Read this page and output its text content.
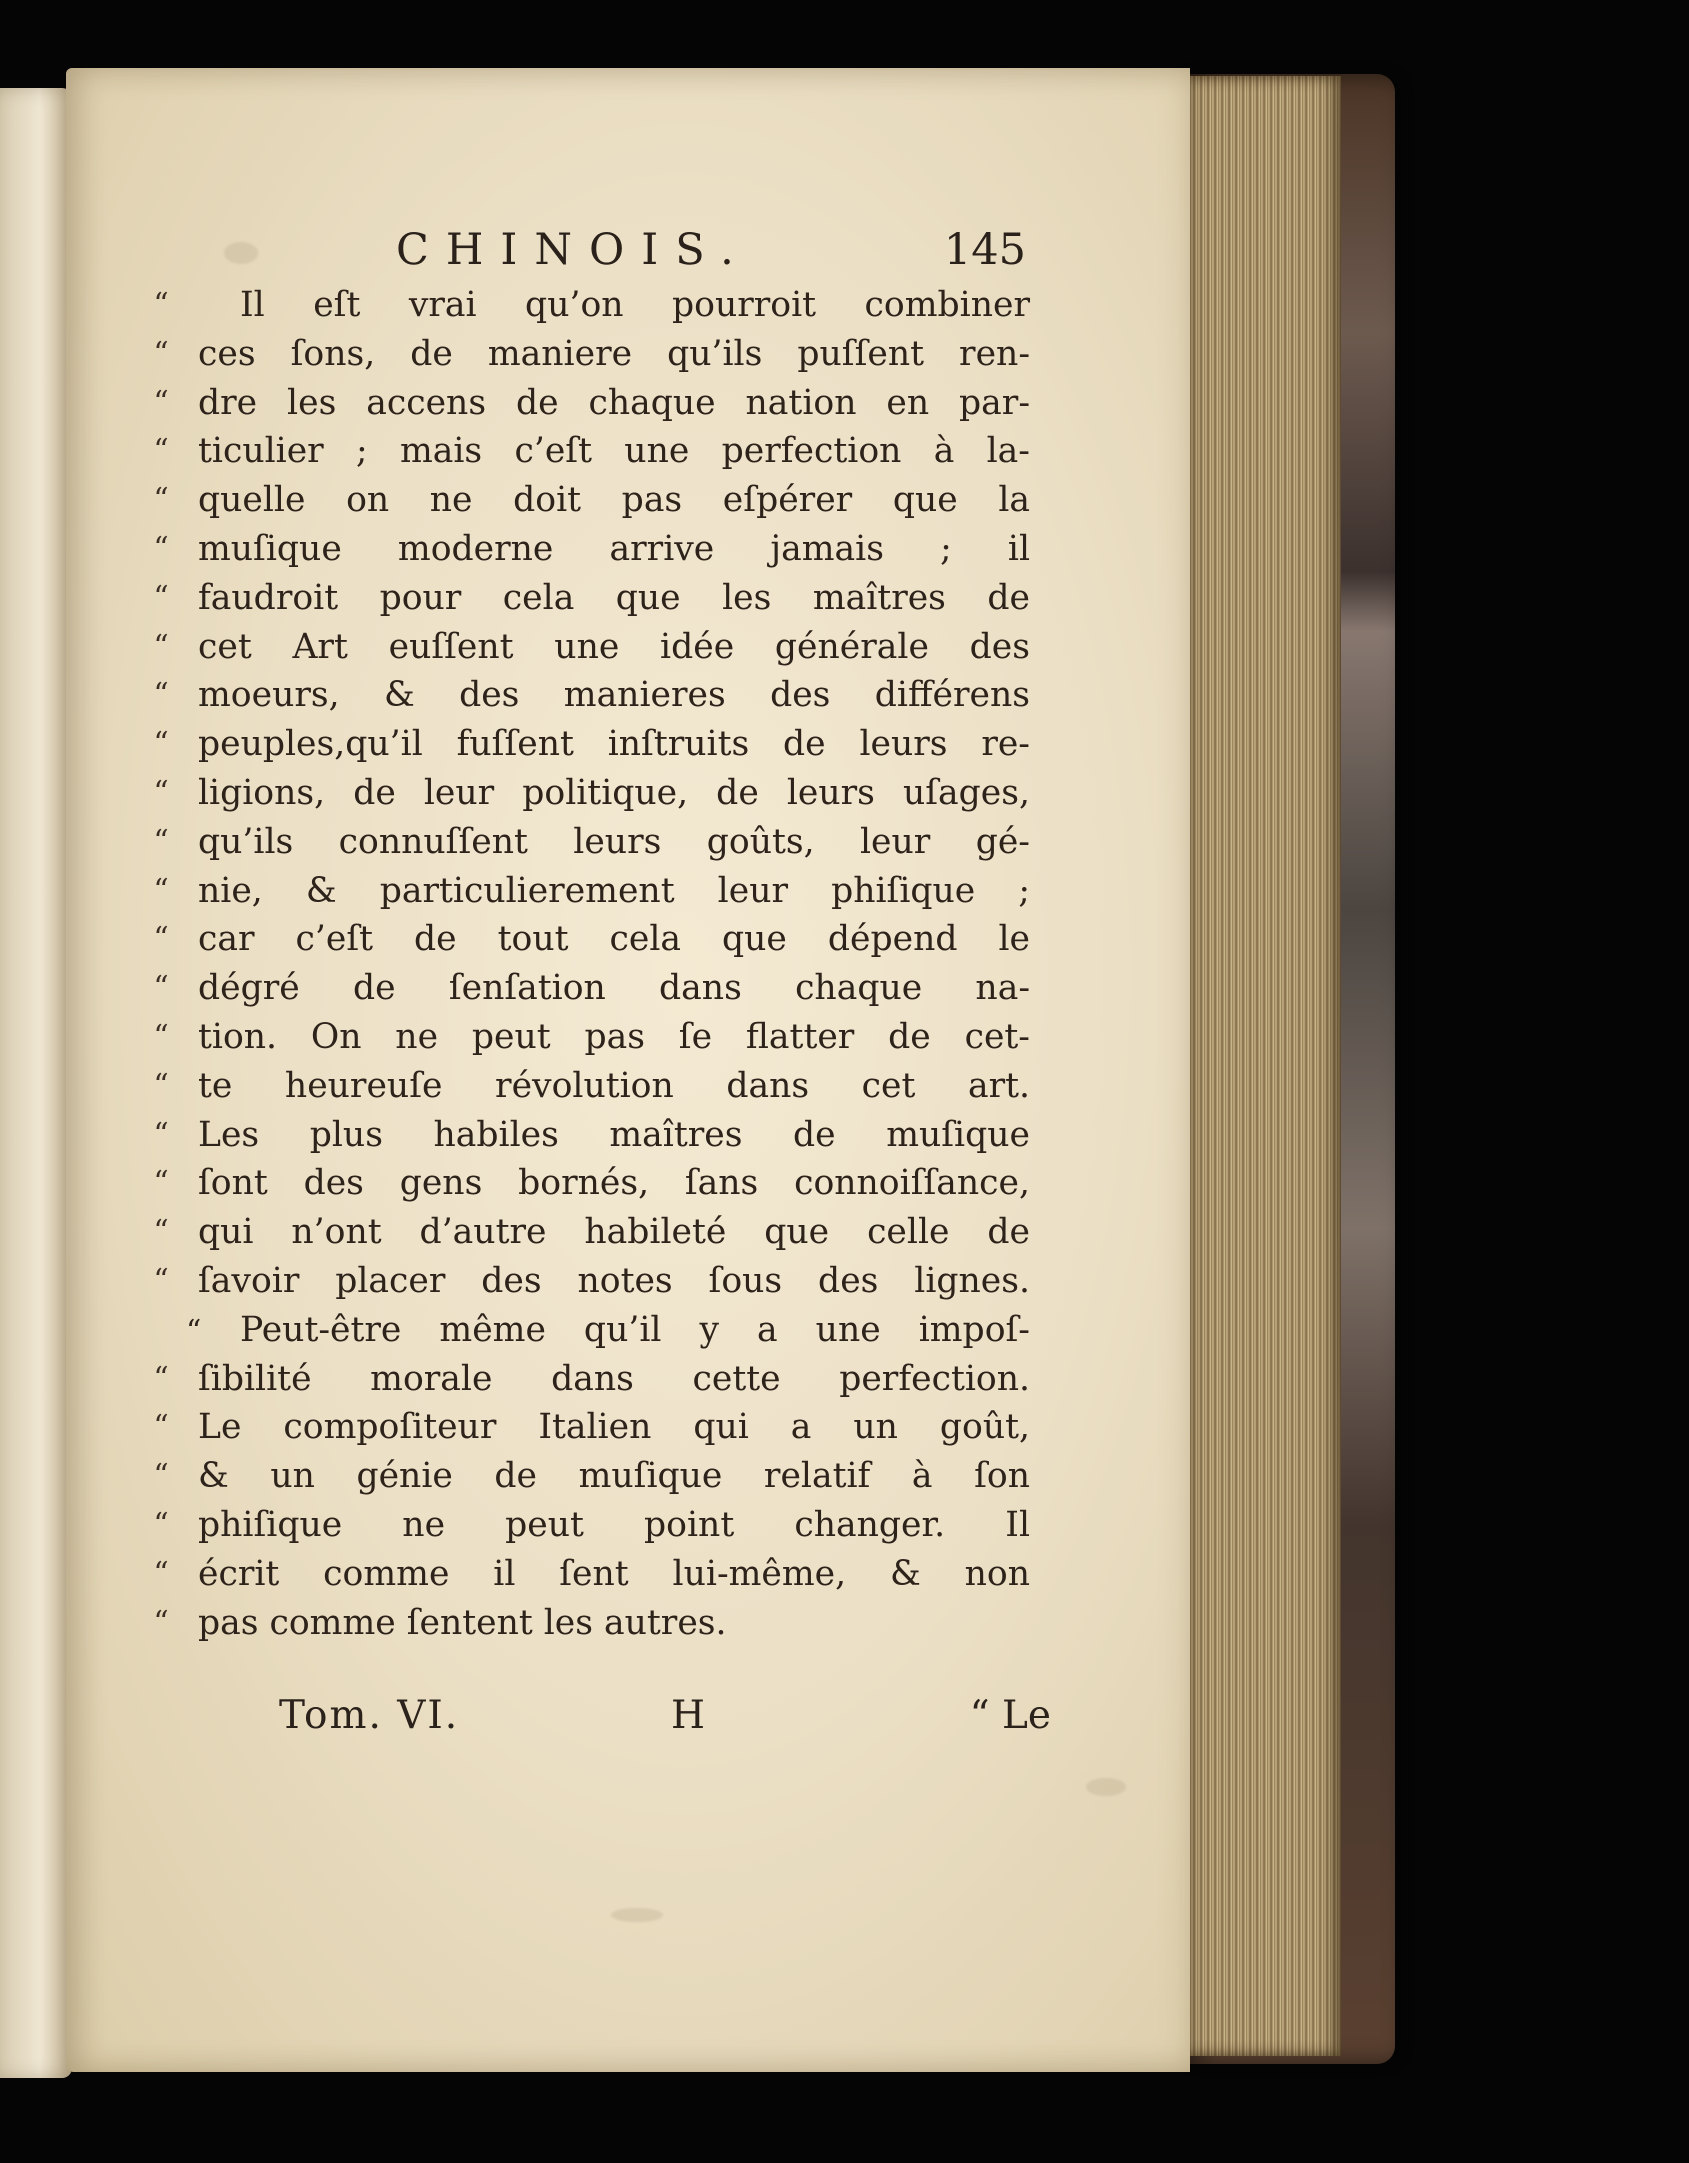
CHINOIS.	145
“	Il eſt vrai qu’on pourroit combiner
“ ces ſons, de maniere qu’ils puſſent ren-
“ dre les accens de chaque nation en par-
“ ticulier ; mais c’eſt une perfection à la-
“ quelle on ne doit pas eſpérer que la
“ muſique moderne arrive jamais ; il
“ faudroit pour cela que les maîtres de
“ cet Art euſſent une idée générale des
“ moeurs, & des manieres des différens
“ peuples,qu’il fuſſent inſtruits de leurs re-
“ ligions, de leur politique, de leurs uſages,
“ qu’ils connuſſent leurs goûts, leur gé-
“ nie, & particulierement leur phiſique ;
“ car c’eſt de tout cela que dépend le
“ dégré de ſenſation dans chaque na-
“ tion. On ne peut pas ſe flatter de cet-
“ te heureuſe révolution dans cet art.
“ Les plus habiles maîtres de muſique
“ ſont des gens bornés, ſans connoiſſance,
“ qui n’ont d’autre habileté que celle de
“ ſavoir placer des notes ſous des lignes.
“ Peut-être même qu’il y a une impoſ-
“ ſibilité morale dans cette perfection.
“ Le compoſiteur Italien qui a un goût,
“ & un génie de muſique relatif à ſon
“ phiſique ne peut point changer. Il
“ écrit comme il ſent lui-même, & non
“ pas comme ſentent les autres.
Tom. VI.	H	“ Le
